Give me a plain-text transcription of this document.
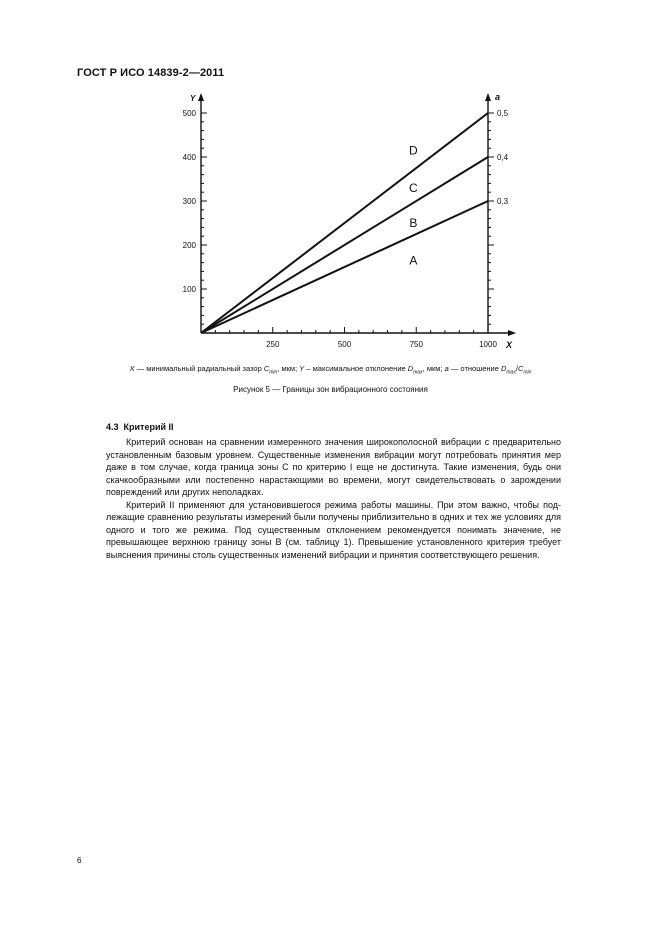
ГОСТ Р ИСО 14839-2—2011
100
200
300
400
500
0,3
0,4
0,5
250	500	750	1000
Y	a
X
D
C
B
A
X — минимальный радиальный зазор $C_{min}$, мкм; Y – максимальное отклонение $D_{max}$, мкм; a — отношение $D_{max}/C_{min}$
Рисунок 5 — Границы зон вибрационного состояния
4.3 Критерий II

Критерий основан на сравнении измеренного значения широкополосной вибрации с предварительно установленным базовым уровнем. Существенные изменения вибрации могут потребовать принятия мер даже в том случае, когда граница зоны C по критерию I еще не достигнута. Такие изменения, будь они скачкообразными или постепенно нарастающими во времени, могут свидетельствовать о зарождении повреждений или других неполадках.

Критерий II применяют для установившегося режима работы машины. При этом важно, чтобы подлежащие сравнению результаты измерений были получены приблизительно в одних и тех же условиях для одного и того же режима. Под существенным отклонением рекомендуется понимать значение, не превышающее верхнюю границу зоны B (см. таблицу 1). Превышение установленного критерия требует выяснения причины столь существенных изменений вибрации и принятия соответствующего решения.

6
